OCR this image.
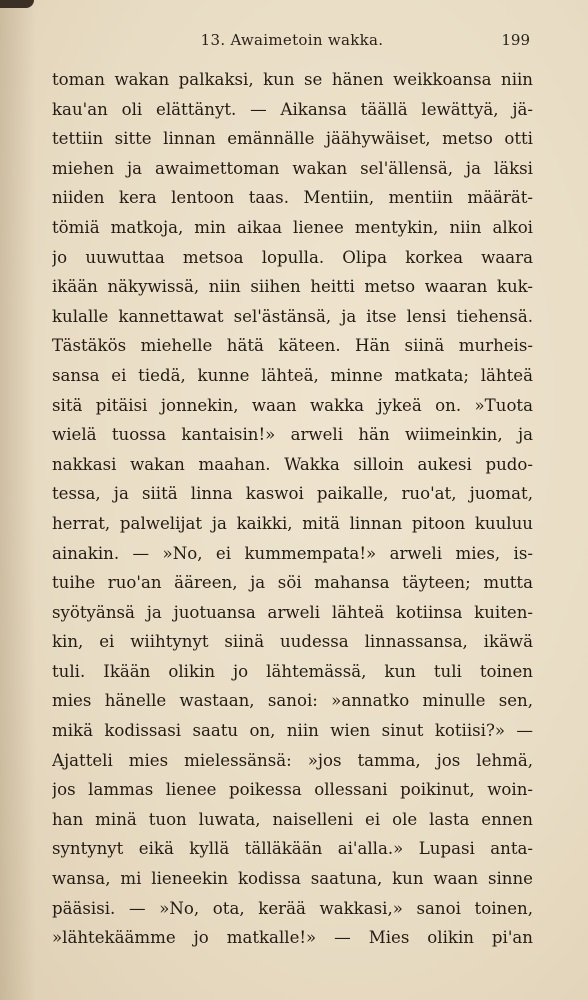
13. Awaimetoin wakka.	199
toman wakan palkaksi, kun se hänen weikkoansa niin
kau'an oli elättänyt. — Aikansa täällä lewättyä, jä-
tettiin sitte linnan emännälle jäähywäiset, metso otti
miehen ja awaimettoman wakan sel'ällensä, ja läksi
niiden kera lentoon taas. Mentiin, mentiin määrät-
tömiä matkoja, min aikaa lienee mentykin, niin alkoi
jo uuwuttaa metsoa lopulla. Olipa korkea waara
ikään näkywissä, niin siihen heitti metso waaran kuk-
kulalle kannettawat sel'ästänsä, ja itse lensi tiehensä.
Tästäkös miehelle hätä käteen. Hän siinä murheis-
sansa ei tiedä, kunne lähteä, minne matkata; lähteä
sitä pitäisi jonnekin, waan wakka jykeä on. »Tuota
wielä tuossa kantaisin!» arweli hän wiimeinkin, ja
nakkasi wakan maahan. Wakka silloin aukesi pudo-
tessa, ja siitä linna kaswoi paikalle, ruo'at, juomat,
herrat, palwelijat ja kaikki, mitä linnan pitoon kuuluu
ainakin. — »No, ei kummempata!» arweli mies, is-
tuihe ruo'an ääreen, ja söi mahansa täyteen; mutta
syötyänsä ja juotuansa arweli lähteä kotiinsa kuiten-
kin, ei wiihtynyt siinä uudessa linnassansa, ikäwä
tuli. Ikään olikin jo lähtemässä, kun tuli toinen
mies hänelle wastaan, sanoi: »annatko minulle sen,
mikä kodissasi saatu on, niin wien sinut kotiisi?» —
Ajatteli mies mielessänsä: »jos tamma, jos lehmä,
jos lammas lienee poikessa ollessani poikinut, woin-
han minä tuon luwata, naiselleni ei ole lasta ennen
syntynyt eikä kyllä tälläkään ai'alla.» Lupasi anta-
wansa, mi lieneekin kodissa saatuna, kun waan sinne
pääsisi. — »No, ota, kerää wakkasi,» sanoi toinen,
»lähtekäämme jo matkalle!» — Mies olikin pi'an
